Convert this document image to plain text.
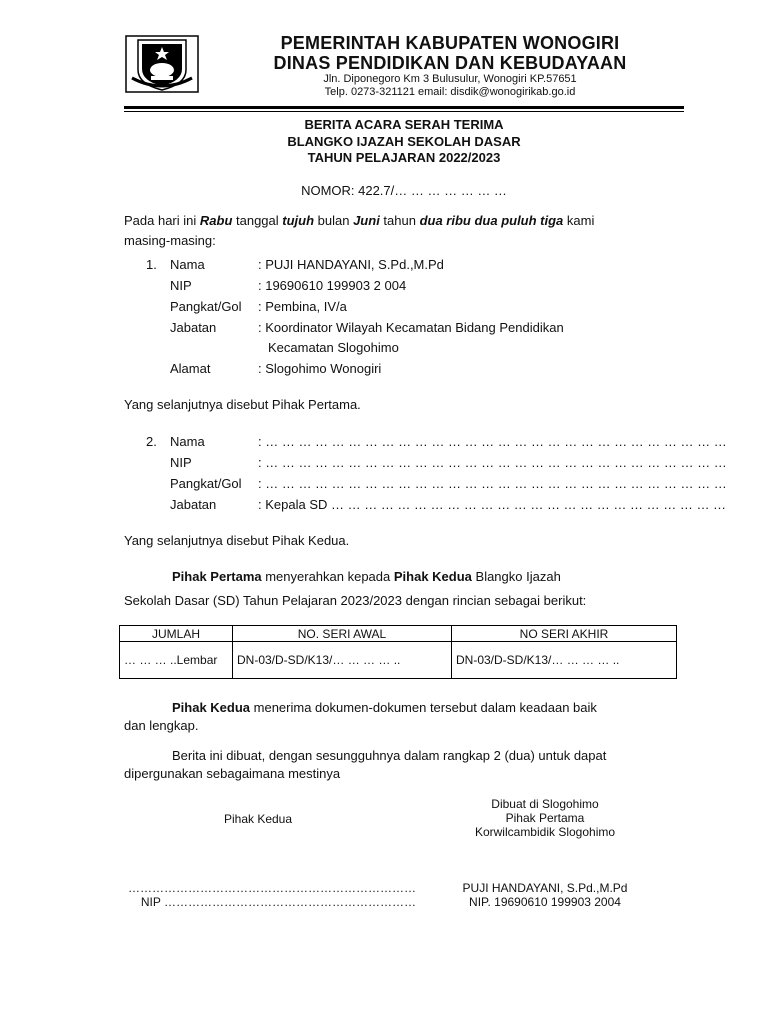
PEMERINTAH KABUPATEN WONOGIRI
DINAS PENDIDIKAN DAN KEBUDAYAAN
Jln. Diponegoro Km 3 Bulusulur, Wonogiri KP.57651
Telp. 0273-321121 email: disdik@wonogirikab.go.id
BERITA ACARA SERAH TERIMA
BLANGKO IJAZAH SEKOLAH DASAR
TAHUN PELAJARAN 2022/2023
NOMOR: 422.7/… … … … … … …
Pada hari ini Rabu tanggal tujuh bulan Juni tahun dua ribu dua puluh tiga kami
masing-masing:
1. Nama	: PUJI HANDAYANI, S.Pd.,M.Pd
NIP	: 19690610 199903 2 004
Pangkat/Gol : Pembina, IV/a
Jabatan	: Koordinator Wilayah Kecamatan Bidang Pendidikan
Kecamatan Slogohimo
Alamat	: Slogohimo Wonogiri
Yang selanjutnya disebut Pihak Pertama.
2. Nama	: … … … … … … … … … … … … … … … … … … … … … … … … … … … …
NIP	: … … … … … … … … … … … … … … … … … … … … … … … … … … … …
Pangkat/Gol : … … … … … … … … … … … … … … … … … … … … … … … … … … … …
Jabatan	: Kepala SD … … … … … … … … … … … … … … … … … … … … … … … …
Yang selanjutnya disebut Pihak Kedua.
Pihak Pertama menyerahkan kepada Pihak Kedua Blangko Ijazah
Sekolah Dasar (SD) Tahun Pelajaran 2023/2023 dengan rincian sebagai berikut:
JUMLAH	NO. SERI AWAL	NO SERI AKHIR
… … … ..Lembar	DN-03/D-SD/K13/… … … … ..	DN-03/D-SD/K13/… … … … ..
Pihak Kedua menerima dokumen-dokumen tersebut dalam keadaan baik
dan lengkap.
Berita ini dibuat, dengan sesungguhnya dalam rangkap 2 (dua) untuk dapat
dipergunakan sebagaimana mestinya
Pihak Kedua
Dibuat di Slogohimo
Pihak Pertama
Korwilcambidik Slogohimo
………………………………………………………………
NIP ………………………………………………………
PUJI HANDAYANI, S.Pd.,M.Pd
NIP. 19690610 199903 2004
